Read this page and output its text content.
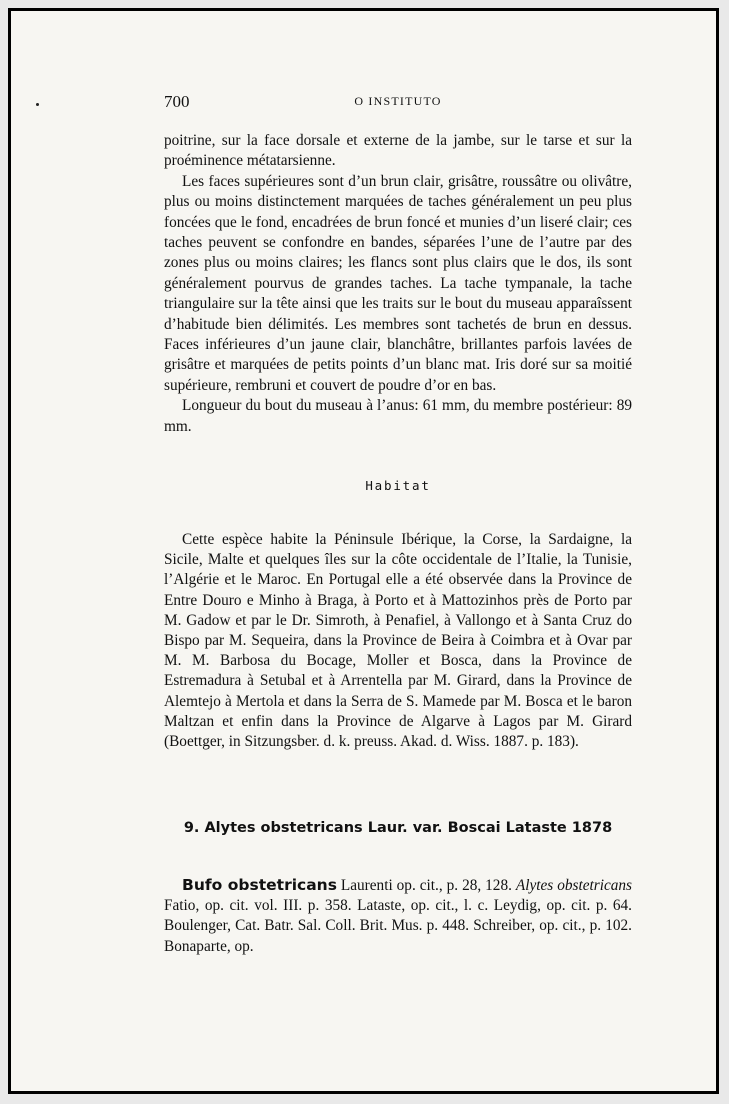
700	O INSTITUTO

poitrine, sur la face dorsale et externe de la jambe, sur le tarse et sur la proéminence métatarsienne.

Les faces supérieures sont d’un brun clair, grisâtre, roussâtre ou olivâtre, plus ou moins distinctement marquées de taches généralement un peu plus foncées que le fond, encadrées de brun foncé et munies d’un liseré clair; ces taches peuvent se confondre en bandes, séparées l’une de l’autre par des zones plus ou moins claires; les flancs sont plus clairs que le dos, ils sont généralement pourvus de grandes taches. La tache tympanale, la tache triangulaire sur la tête ainsi que les traits sur le bout du museau apparaîssent d’habitude bien délimités. Les membres sont tachetés de brun en dessus. Faces inférieures d’un jaune clair, blanchâtre, brillantes parfois lavées de grisâtre et marquées de petits points d’un blanc mat. Iris doré sur sa moitié supérieure, rembruni et couvert de poudre d’or en bas.

Longueur du bout du museau à l’anus: 61 mm, du membre postérieur: 89 mm.

Habitat

Cette espèce habite la Péninsule Ibérique, la Corse, la Sardaigne, la Sicile, Malte et quelques îles sur la côte occidentale de l’Italie, la Tunisie, l’Algérie et le Maroc. En Portugal elle a été observée dans la Province de Entre Douro e Minho à Braga, à Porto et à Mattozinhos près de Porto par M. Gadow et par le Dr. Simroth, à Penafiel, à Vallongo et à Santa Cruz do Bispo par M. Sequeira, dans la Province de Beira à Coimbra et à Ovar par M. M. Barbosa du Bocage, Moller et Bosca, dans la Province de Estremadura à Setubal et à Arrentella par M. Girard, dans la Province de Alemtejo à Mertola et dans la Serra de S. Mamede par M. Bosca et le baron Maltzan et enfin dans la Province de Algarve à Lagos par M. Girard (Boettger, in Sitzungsber. d. k. preuss. Akad. d. Wiss. 1887. p. 183).

9. Alytes obstetricans Laur. var. Boscai Lataste 1878

Bufo obstetricans Laurenti op. cit., p. 28, 128. Alytes obstetricans Fatio, op. cit. vol. III. p. 358. Lataste, op. cit., l. c. Leydig, op. cit. p. 64. Boulenger, Cat. Batr. Sal. Coll. Brit. Mus. p. 448. Schreiber, op. cit., p. 102. Bonaparte, op.
